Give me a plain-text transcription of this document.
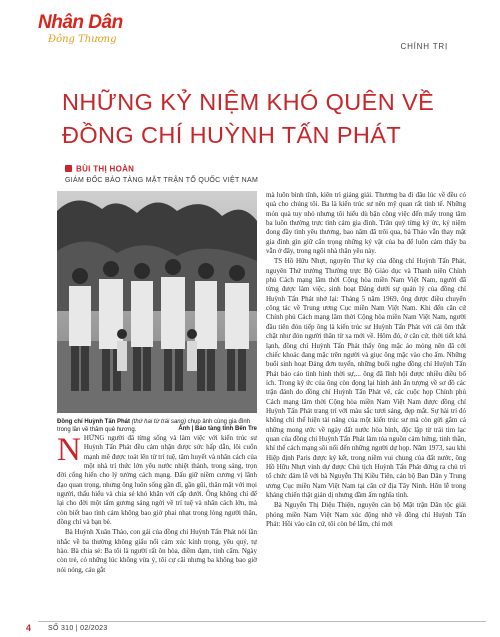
Nhân Dân
Đông Thương
CHÍNH TRỊ
NHỮNG KỶ NIỆM KHÓ QUÊN VỀ ĐỒNG CHÍ HUỲNH TẤN PHÁT
BÙI THỊ HOÀN
GIÁM ĐỐC BẢO TÀNG MẶT TRẬN TỔ QUỐC VIỆT NAM
Đồng chí Huỳnh Tấn Phát (thứ hai từ trái sang) chụp ảnh cùng gia đình trong lần về thăm quê hương.	Ảnh | Bảo tàng tỉnh Bến Tre
N HỮNG người đã từng sống và làm việc với kiến trúc sư Huỳnh Tấn Phát đều cảm nhận được sức hấp dẫn, lôi cuốn mạnh mẽ được toát lên từ trí tuệ, tâm huyết và nhân cách của một nhà trí thức lớn yêu nước nhiệt thành, trong sáng, trọn đời cống hiến cho lý tưởng cách mạng. Đấu giữ niềm cương vị lãnh đạo quan trọng, nhưng ông luôn sống gần dĩ, gần gũi, thân mật với mọi người, thấu hiểu và chia sẻ khó khăn với cấp dưới. Ông không chỉ để lại cho đời một tấm gương sáng ngời về trí tuệ và nhân cách lớn, mà còn biết bao tình cảm không bao giờ phai nhạt trong lòng người thân, đồng chí và bạn bè.

Bà Huỳnh Xuân Thảo, con gái của đồng chí Huỳnh Tấn Phát nói lần nhắc về ba thường không giấu nổi cảm xúc kính trọng, yêu quý, tự hào. Bà chia sẻ: Ba tôi là người rất ôn hòa, điềm đạm, tinh cẩm. Ngày còn trẻ, có những lúc không vừa ý, tôi cự cãi nhưng ba không bao giờ nói nóng, cáu gắt

mà luôn bình tĩnh, kiên trì giảng giải. Thương ba đi đâu lúc về đều có quà cho chúng tôi. Ba là kiến trúc sư nên mỹ quan rất tinh tế. Những món quà tuy nhỏ nhưng tôi hiểu dù bận công việc đến mấy trong tâm ba luôn thường trực tình cảm gia đình. Trân quý từng ký ức, kỷ niệm đong đầy tình yêu thương, bao năm đã trôi qua, bà Thảo vẫn thay mặt gia đình gìn giữ cẩn trọng những kỷ vật của ba để luôn cảm thấy ba vẫn ở đây, trong ngôi nhà thân yêu này.

TS Hồ Hữu Nhựt, nguyên Thư ký của đồng chí Huỳnh Tấn Phát, nguyên Thứ trưởng Thường trực Bộ Giáo dục và Thanh niên Chính phủ Cách mạng lâm thời Cộng hòa miền Nam Việt Nam, người đã từng được làm việc, sinh hoạt Đảng dưới sự quản lý của đồng chí Huỳnh Tấn Phát nhớ lại: Tháng 5 năm 1969, ông được điều chuyển công tác về Trung ương Cục miền Nam Việt Nam. Khi đến căn cứ Chính phủ Cách mạng lâm thời Cộng hòa miền Nam Việt Nam, người đầu tiên đón tiếp ông là kiến trúc sư Huỳnh Tấn Phát với cái ôm thắt chặt như đón người thân từ xa mới về. Hôm đó, ở căn cứ, thời tiết khá lạnh, đồng chí Huỳnh Tấn Phát thấy ông mặc áo mỏng nên đã cởi chiếc khoác đang mặc trên người và giục ông mặc vào cho ấm. Những buổi sinh hoạt Đảng đơn tuyến, những buổi nghe đồng chí Huỳnh Tấn Phát báo cáo tình hình thời sự,... ông đã lĩnh hội được nhiều điều bổ ích. Trong ký ức của ông còn đọng lại hình ảnh ấn tượng về sơ đồ các trận đánh do đồng chí Huỳnh Tấn Phát vẽ, các cuộc họp Chính phủ Cách mạng lâm thời Cộng hòa miền Nam Việt Nam được đồng chí Huỳnh Tấn Phát trang trí với màu sắc tươi sáng, đẹp mắt. Sự hài trí đó không chỉ thể hiện tài năng của một kiến trúc sư mà còn gửi gắm cả những mong ước về ngày đất nước hòa bình, độc lập từ trái tim lạc quan của đồng chí Huỳnh Tấn Phát làm tỏa nguồn cảm hứng, tinh thần, khí thế cách mạng sôi nổi đến những người dự họp. Năm 1973, sau khi Hiệp định Paris được ký kết, trong niềm vui chung của đất nước, ông Hồ Hữu Nhựt vinh dự được Chủ tịch Huỳnh Tấn Phát đứng ra chủ trì tổ chức đám lễ với bà Nguyễn Thị Kiều Tiên, cán bộ Ban Dân y Trung ương Cục miền Nam Việt Nam tại căn cứ địa Tây Ninh. Hôn lễ trong kháng chiến thật giản dị nhưng đầm ấm nghĩa tình.

Bà Nguyễn Thị Diệu Thiện, nguyên cán bộ Mặt trận Dân tộc giải phóng miền Nam Việt Nam xúc động nhớ về đồng chí Huỳnh Tấn Phát: Hồi vào căn cứ, tôi còn bé lắm, chỉ mới

4 SỐ 310 | 02/2023
